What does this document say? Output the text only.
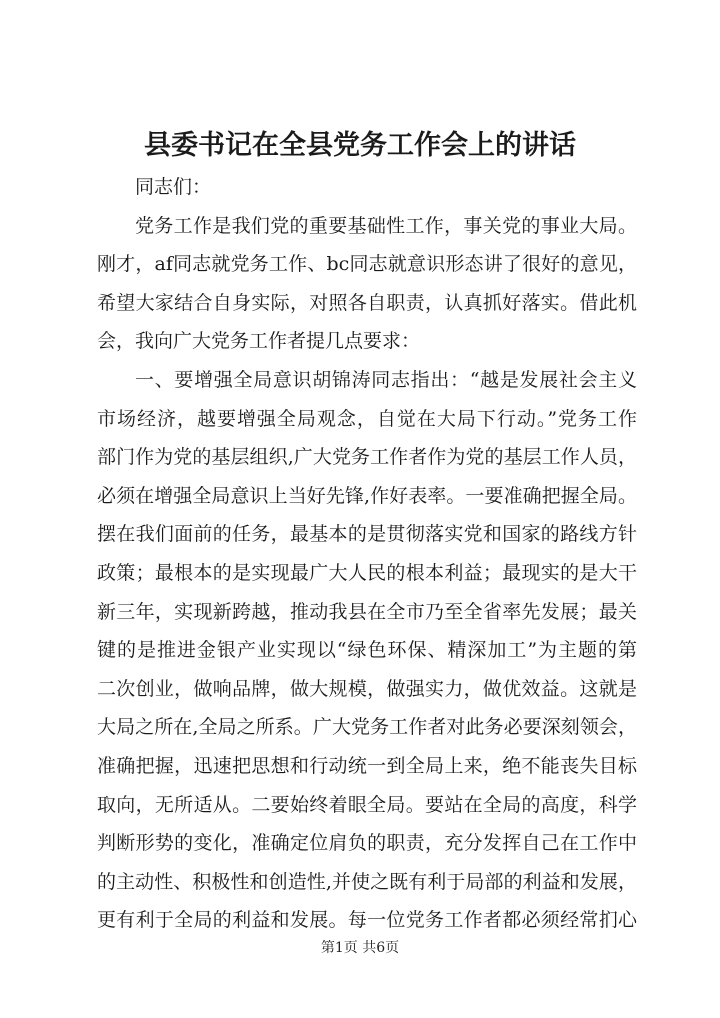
县委书记在全县党务工作会上的讲话
同志们：
党务工作是我们党的重要基础性工作，事关党的事业大局。
刚才，af同志就党务工作、bc同志就意识形态讲了很好的意见，
希望大家结合自身实际，对照各自职责，认真抓好落实。借此机
会，我向广大党务工作者提几点要求：
一、要增强全局意识胡锦涛同志指出：“越是发展社会主义
市场经济，越要增强全局观念，自觉在大局下行动。”党务工作
部门作为党的基层组织,广大党务工作者作为党的基层工作人员，
必须在增强全局意识上当好先锋,作好表率。一要准确把握全局。
摆在我们面前的任务，最基本的是贯彻落实党和国家的路线方针
政策；最根本的是实现最广大人民的根本利益；最现实的是大干
新三年，实现新跨越，推动我县在全市乃至全省率先发展；最关
键的是推进金银产业实现以“绿色环保、精深加工”为主题的第
二次创业，做响品牌，做大规模，做强实力，做优效益。这就是
大局之所在,全局之所系。广大党务工作者对此务必要深刻领会，
准确把握，迅速把思想和行动统一到全局上来，绝不能丧失目标
取向，无所适从。二要始终着眼全局。要站在全局的高度，科学
判断形势的变化，准确定位肩负的职责，充分发挥自己在工作中
的主动性、积极性和创造性,并使之既有利于局部的利益和发展，
更有利于全局的利益和发展。每一位党务工作者都必须经常扪心
第1页 共6页
